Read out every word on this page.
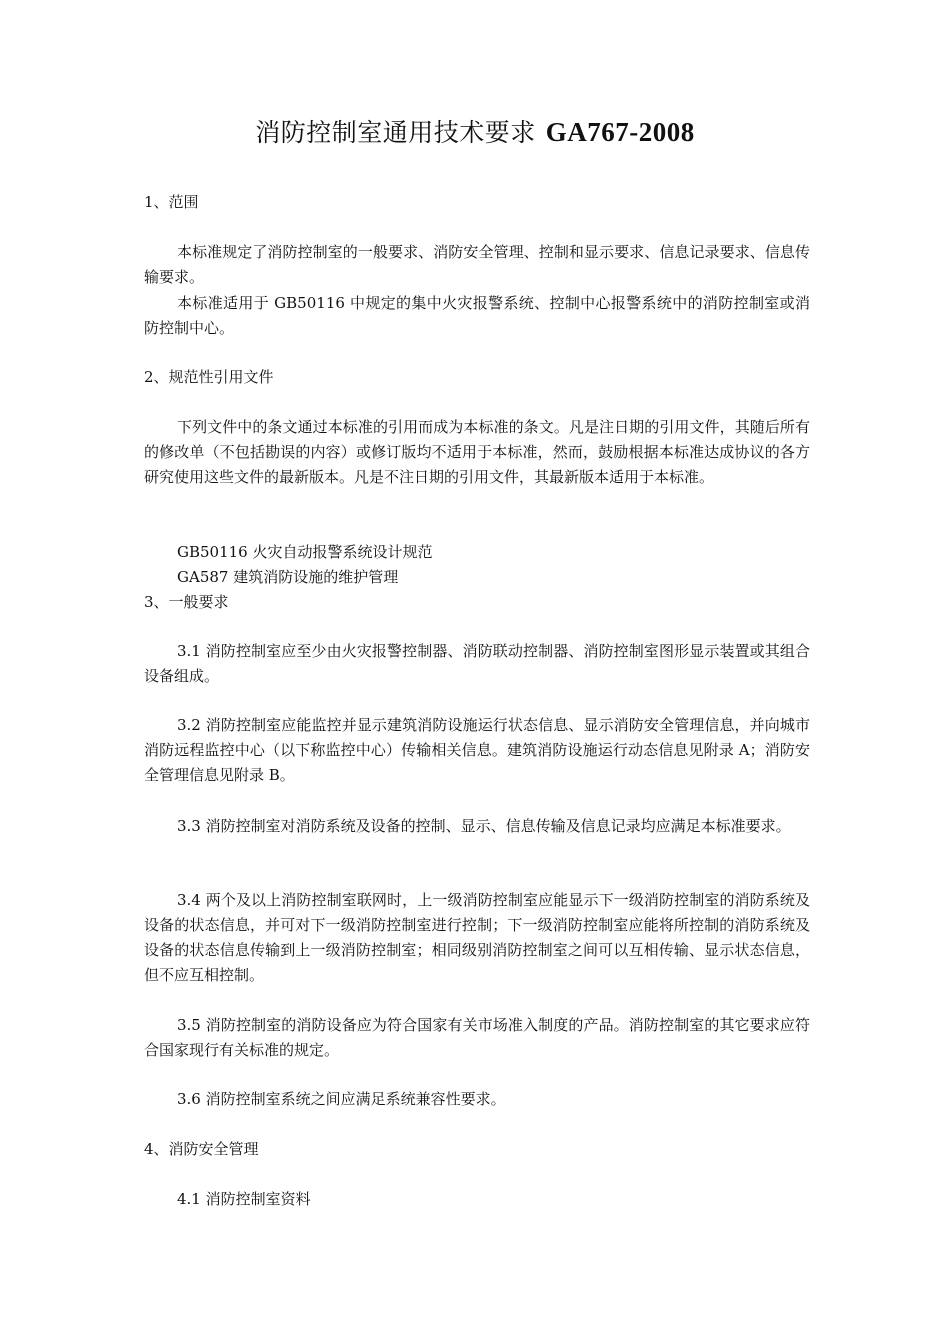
消防控制室通用技术要求 GA767-2008
1、范围
本标准规定了消防控制室的一般要求、消防安全管理、控制和显示要求、信息记录要求、信息传输要求。
本标准适用于 GB50116 中规定的集中火灾报警系统、控制中心报警系统中的消防控制室或消防控制中心。
2、规范性引用文件
下列文件中的条文通过本标准的引用而成为本标准的条文。凡是注日期的引用文件，其随后所有的修改单（不包括勘误的内容）或修订版均不适用于本标准，然而，鼓励根据本标准达成协议的各方研究使用这些文件的最新版本。凡是不注日期的引用文件，其最新版本适用于本标准。
GB50116 火灾自动报警系统设计规范
GA587 建筑消防设施的维护管理
3、一般要求
3.1 消防控制室应至少由火灾报警控制器、消防联动控制器、消防控制室图形显示装置或其组合设备组成。
3.2 消防控制室应能监控并显示建筑消防设施运行状态信息、显示消防安全管理信息，并向城市消防远程监控中心（以下称监控中心）传输相关信息。建筑消防设施运行动态信息见附录 A；消防安全管理信息见附录 B。
3.3 消防控制室对消防系统及设备的控制、显示、信息传输及信息记录均应满足本标准要求。
3.4 两个及以上消防控制室联网时，上一级消防控制室应能显示下一级消防控制室的消防系统及设备的状态信息，并可对下一级消防控制室进行控制；下一级消防控制室应能将所控制的消防系统及设备的状态信息传输到上一级消防控制室；相同级别消防控制室之间可以互相传输、显示状态信息，但不应互相控制。
3.5 消防控制室的消防设备应为符合国家有关市场准入制度的产品。消防控制室的其它要求应符合国家现行有关标准的规定。
3.6 消防控制室系统之间应满足系统兼容性要求。
4、消防安全管理
4.1 消防控制室资料
